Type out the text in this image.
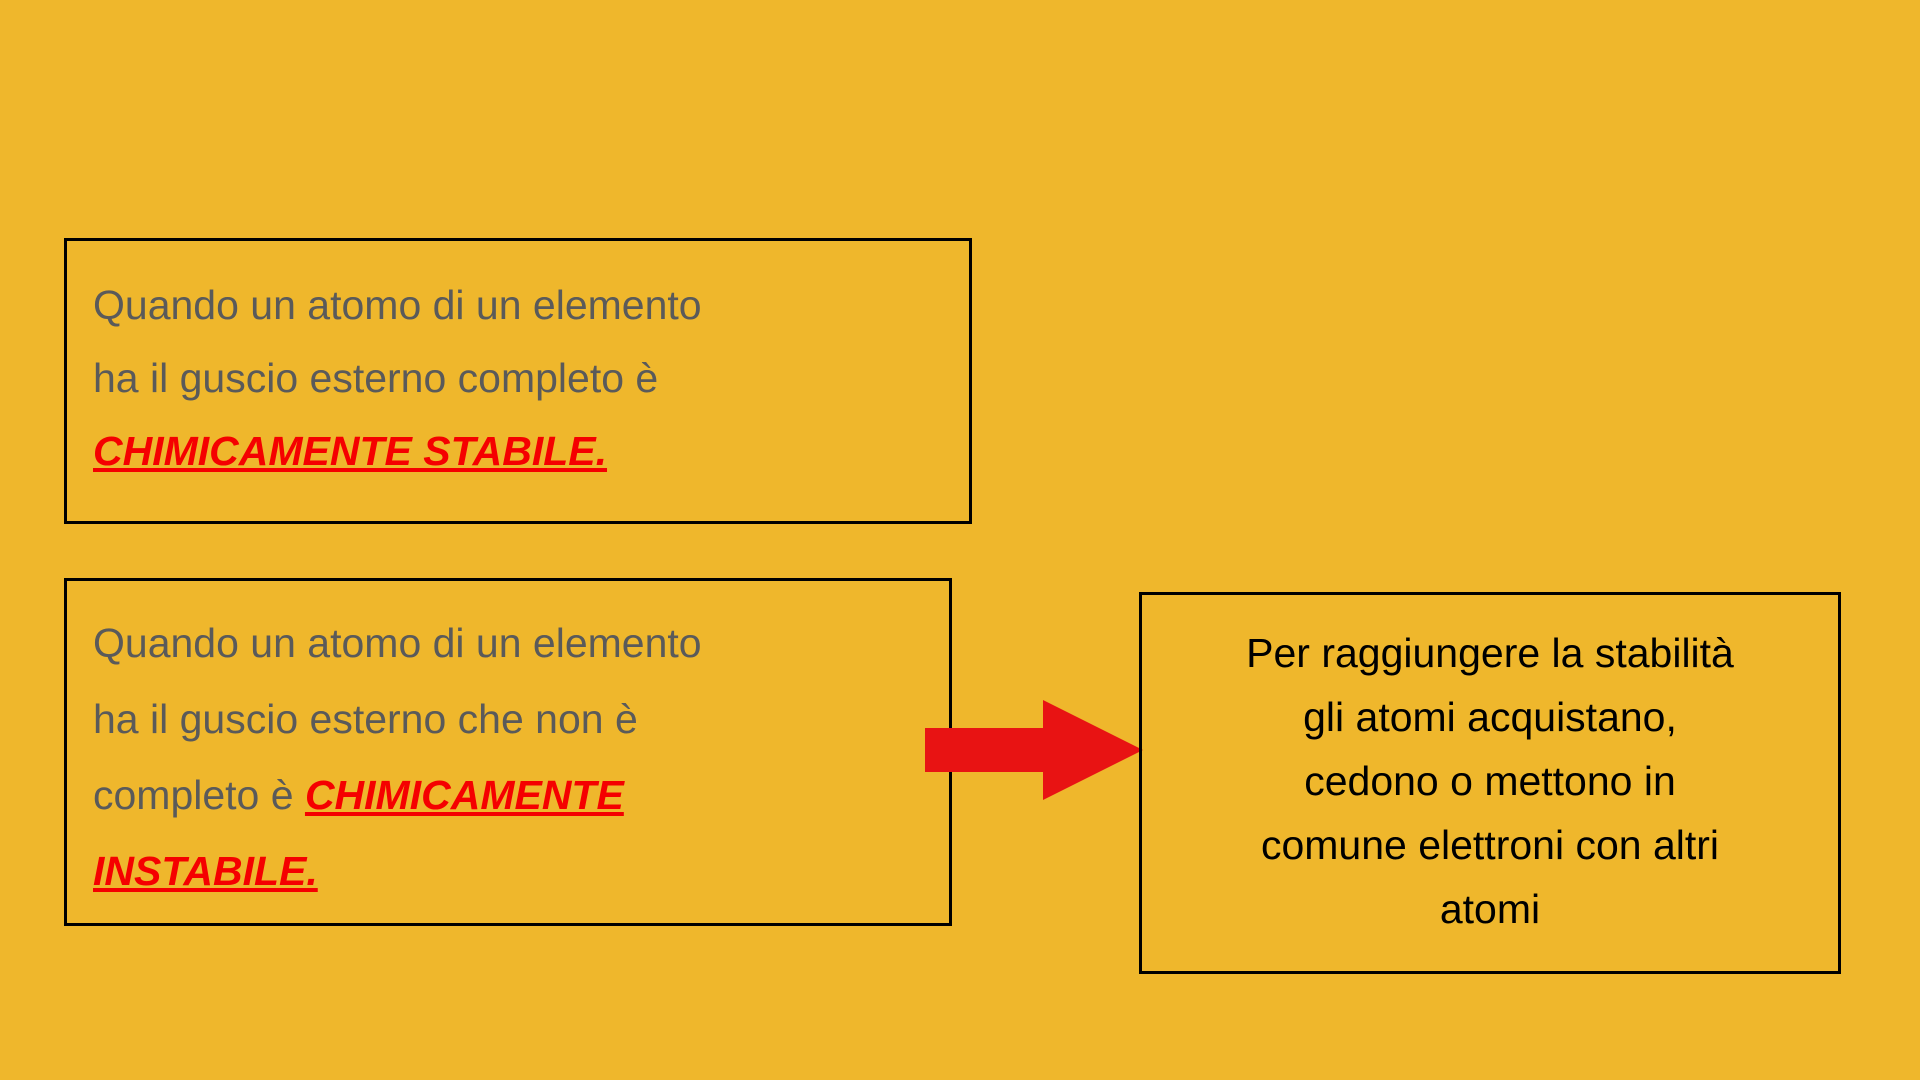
Quando un atomo di un elemento
ha il guscio esterno completo è
CHIMICAMENTE STABILE.
Quando un atomo di un elemento
ha il guscio esterno che non è
completo è CHIMICAMENTE
INSTABILE.
Per raggiungere la stabilità
gli atomi acquistano,
cedono o mettono in
comune elettroni con altri
atomi
